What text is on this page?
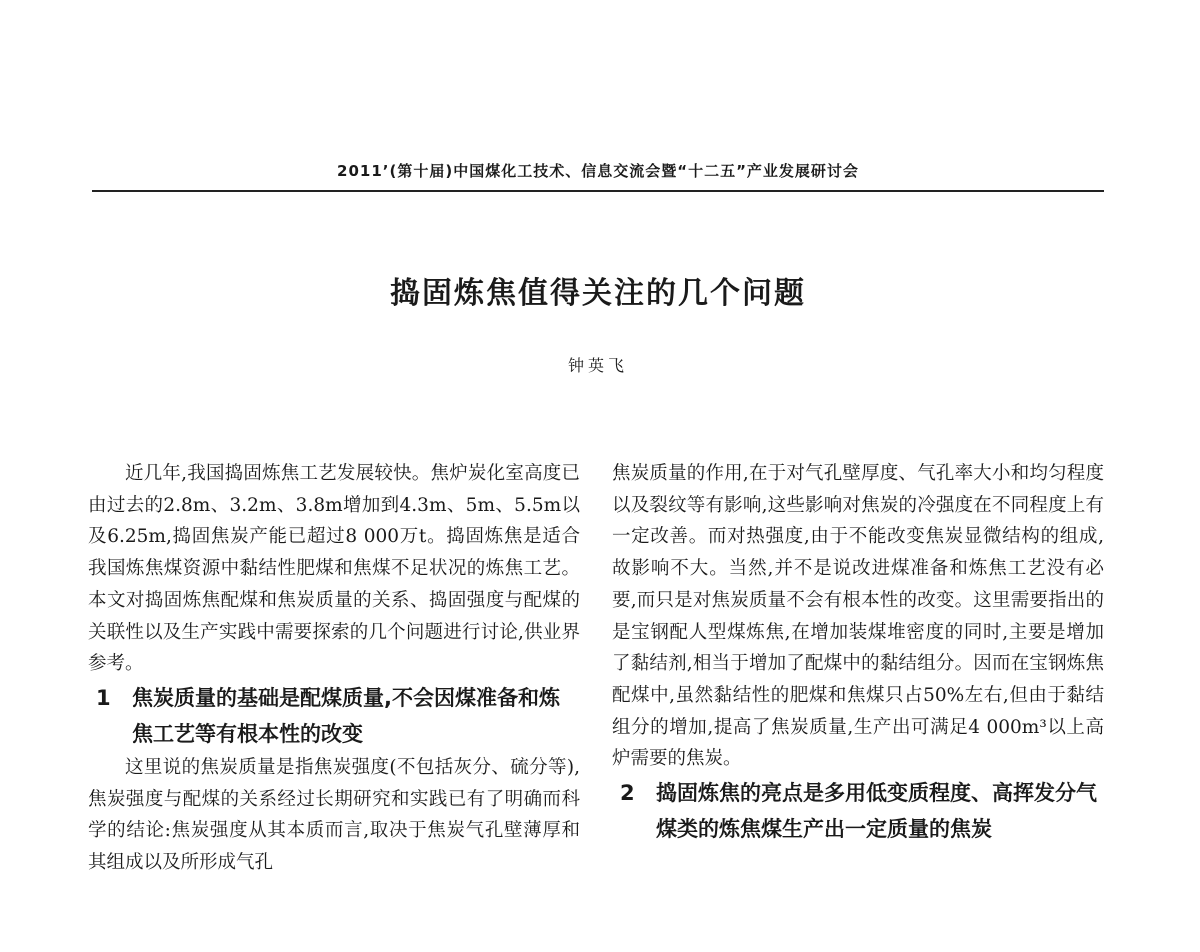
2011’(第十届)中国煤化工技术、信息交流会暨“十二五”产业发展研讨会
捣固炼焦值得关注的几个问题
钟英飞

近几年,我国捣固炼焦工艺发展较快。焦炉炭化室高度已由过去的2.8m、3.2m、3.8m增加到4.3m、5m、5.5m以及6.25m,捣固焦炭产能已超过8 000万t。捣固炼焦是适合我国炼焦煤资源中黏结性肥煤和焦煤不足状况的炼焦工艺。本文对捣固炼焦配煤和焦炭质量的关系、捣固强度与配煤的关联性以及生产实践中需要探索的几个问题进行讨论,供业界参考。

1 焦炭质量的基础是配煤质量,不会因煤准备和炼焦工艺等有根本性的改变

这里说的焦炭质量是指焦炭强度(不包括灰分、硫分等),焦炭强度与配煤的关系经过长期研究和实践已有了明确而科学的结论:焦炭强度从其本质而言,取决于焦炭气孔壁薄厚和其组成以及所形成气孔

焦炭质量的作用,在于对气孔壁厚度、气孔率大小和均匀程度以及裂纹等有影响,这些影响对焦炭的冷强度在不同程度上有一定改善。而对热强度,由于不能改变焦炭显微结构的组成,故影响不大。当然,并不是说改进煤准备和炼焦工艺没有必要,而只是对焦炭质量不会有根本性的改变。这里需要指出的是宝钢配人型煤炼焦,在增加装煤堆密度的同时,主要是增加了黏结剂,相当于增加了配煤中的黏结组分。因而在宝钢炼焦配煤中,虽然黏结性的肥煤和焦煤只占50%左右,但由于黏结组分的增加,提高了焦炭质量,生产出可满足4 000m³以上高炉需要的焦炭。

2 捣固炼焦的亮点是多用低变质程度、高挥发分气煤类的炼焦煤生产出一定质量的焦炭
